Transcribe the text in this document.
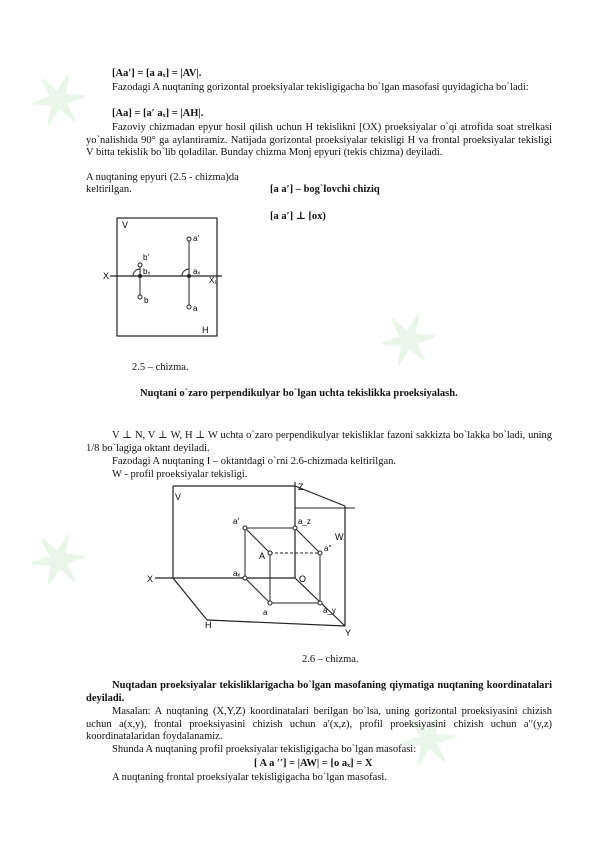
✶
✶
✶
✶
[Aa′] = [a aₓ] = |AV|.
Fazodagi A nuqtaning gorizontal proeksiyalar tekisligigacha bo`lgan masofasi quyidagicha bo`ladi:
[Aa] = [a′ aₓ] = |AH|.
Fazoviy chizmadan epyur hosil qilish uchun H tekislikni [OX) proeksiyalar o`qi atrofida soat strelkasi yo`nalishida 90° ga aylantiramiz. Natijada gorizontal proeksiyalar tekisligi H va frontal proeksiyalar tekisligi V bitta tekislik bo`lib qoladilar. Bunday chizma Monj epyuri (tekis chizma) deyiladi.
A nuqtaning epyuri (2.5 - chizma)da
keltirilgan.	[a a′] – bog`lovchi chiziq
[a a′] ⊥ [ox)
V
H
X	X₁
b′
bₓ
b
a′
aₓ
a
2.5 – chizma.
Nuqtani o`zaro perpendikulyar bo`lgan uchta tekislikka proeksiyalash.
V ⊥ N, V ⊥ W, H ⊥ W uchta o`zaro perpendikulyar tekisliklar fazoni sakkizta bo`lakka bo`ladi, uning 1/8 bo`lagiga oktant deyiladi.
Fazodagi A nuqtaning I – oktantdagi o`rni 2.6-chizmada keltirilgan.
W - profil proeksiyalar tekisligi.
Z
V
X
H
Y
W
O
a′	a_z
A
a″
aₓ
a	a_y
2.6 – chizma.
Nuqtadan proeksiyalar tekisliklarigacha bo`lgan masofaning qiymatiga nuqtaning koordinatalari deyiladi.
Masalan: A nuqtaning (X,Y,Z) koordinatalari berilgan bo`lsa, uning gorizontal proeksiyasini chizish uchun a(x,y), frontal proeksiyasini chizish uchun a′(x,z), profil proeksiyasini chizish uchun a′′(y,z) koordinatalaridan foydalanamiz.
Shunda A nuqtaning profil proeksiyalar tekisligigacha bo`lgan masofasi:
[ A a ′′] = |AW| = [o aₓ] = X
A nuqtaning frontal proeksiyalar tekisligigacha bo`lgan masofasi.
